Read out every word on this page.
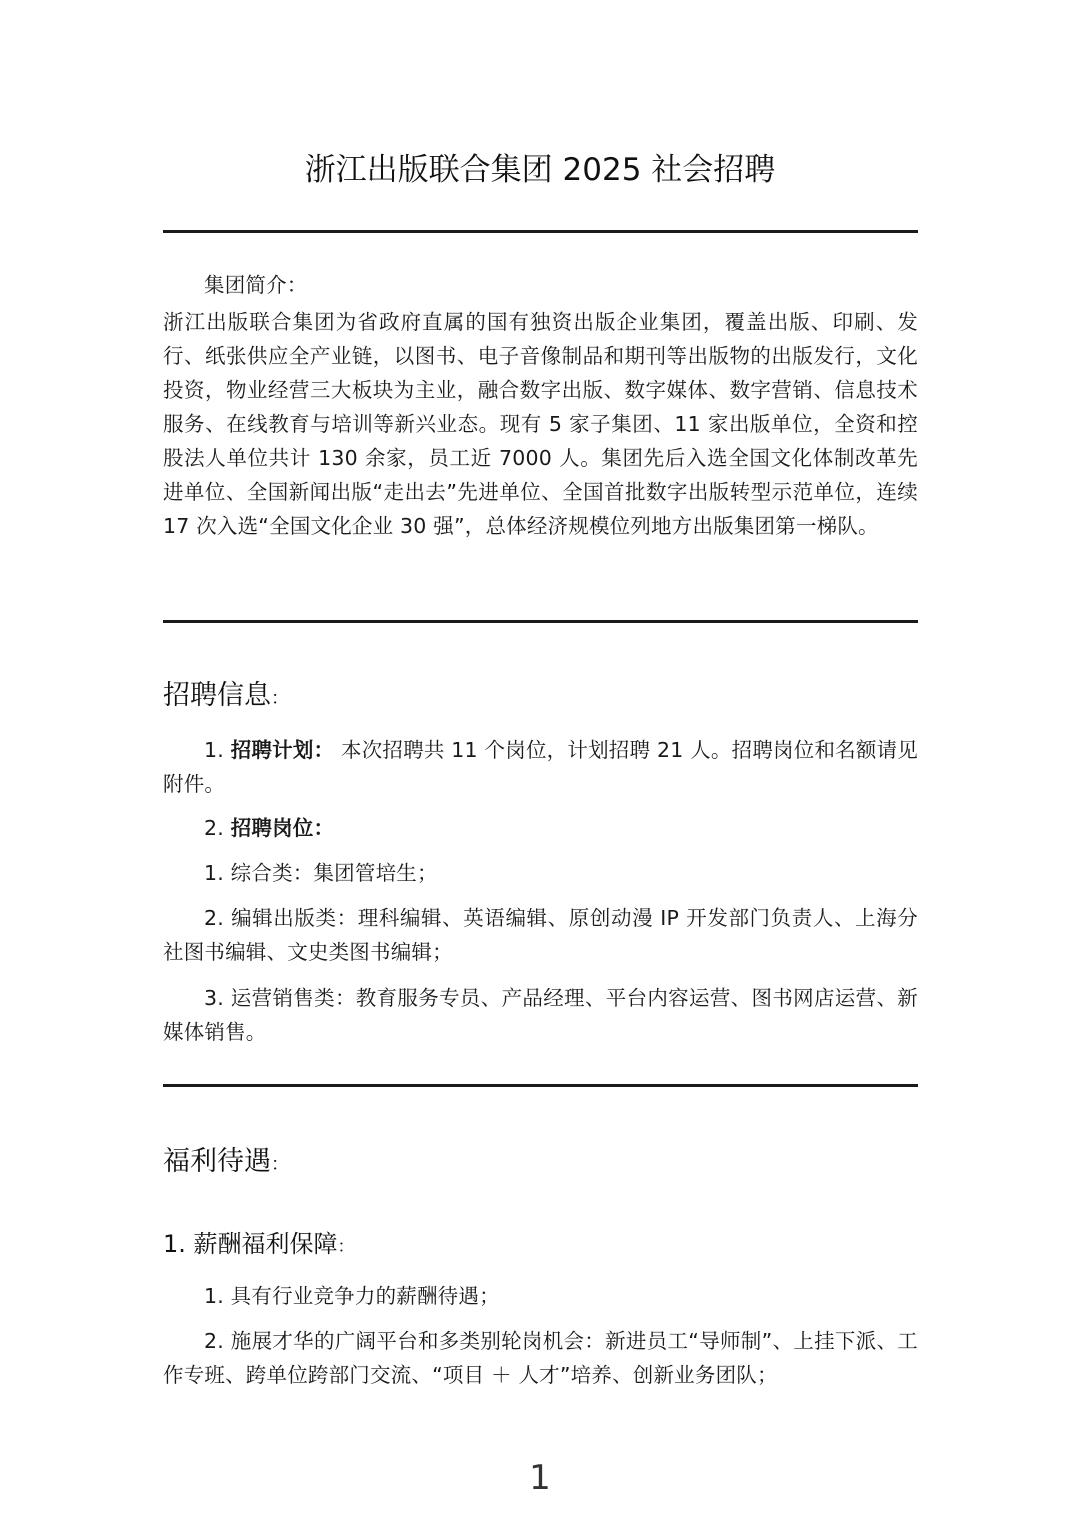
浙江出版联合集团 2025 社会招聘

集团简介：

浙江出版联合集团为省政府直属的国有独资出版企业集团，覆盖出版、印刷、发行、纸张供应全产业链，以图书、电子音像制品和期刊等出版物的出版发行，文化投资，物业经营三大板块为主业，融合数字出版、数字媒体、数字营销、信息技术服务、在线教育与培训等新兴业态。现有 5 家子集团、11 家出版单位，全资和控股法人单位共计 130 余家，员工近 7000 人。集团先后入选全国文化体制改革先进单位、全国新闻出版“走出去”先进单位、全国首批数字出版转型示范单位，连续 17 次入选“全国文化企业 30 强”，总体经济规模位列地方出版集团第一梯队。

招聘信息：

1. 招聘计划： 本次招聘共 11 个岗位，计划招聘 21 人。招聘岗位和名额请见附件。

2. 招聘岗位：

1. 综合类：集团管培生；

2. 编辑出版类：理科编辑、英语编辑、原创动漫 IP 开发部门负责人、上海分社图书编辑、文史类图书编辑；

3. 运营销售类：教育服务专员、产品经理、平台内容运营、图书网店运营、新媒体销售。

福利待遇：
1. 薪酬福利保障：

1. 具有行业竞争力的薪酬待遇；

2. 施展才华的广阔平台和多类别轮岗机会：新进员工“导师制”、上挂下派、工作专班、跨单位跨部门交流、“项目 ＋ 人才”培养、创新业务团队；

1
